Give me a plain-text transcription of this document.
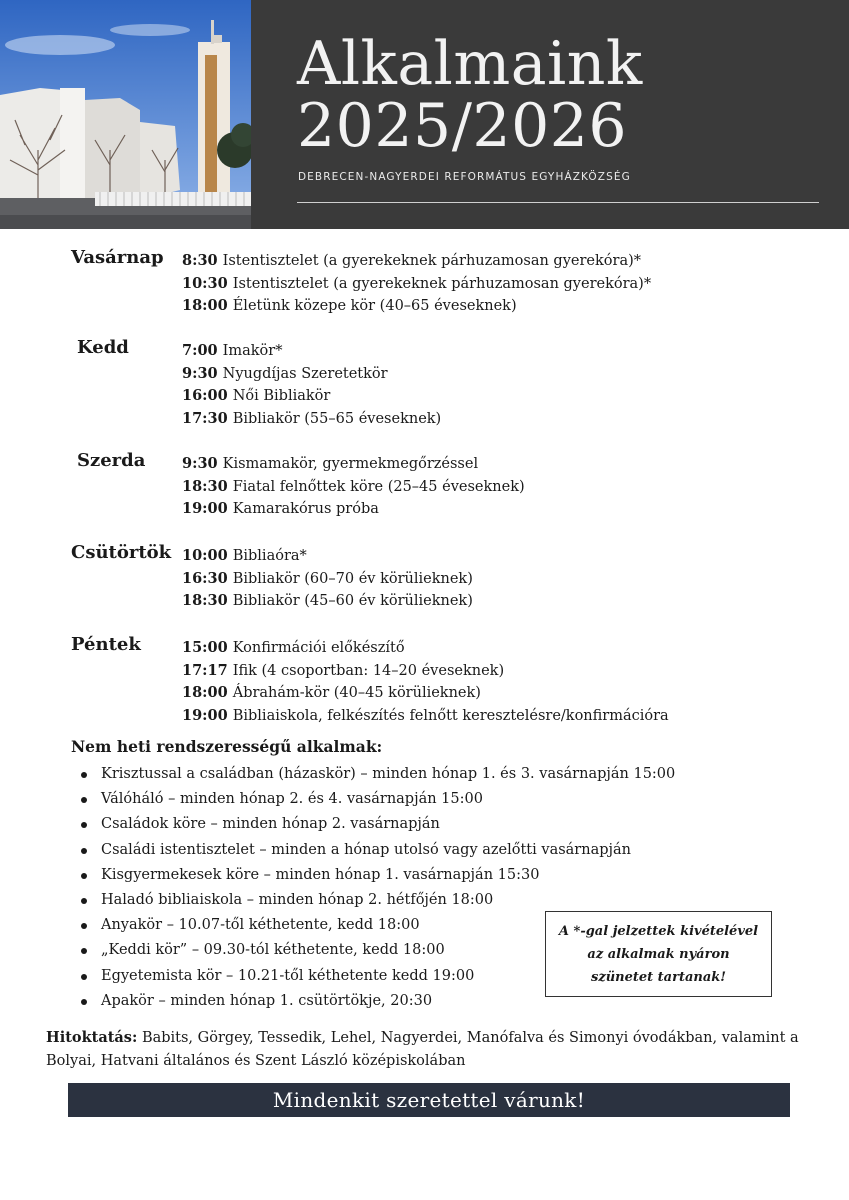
Alkalmaink
2025/2026
DEBRECEN-NAGYERDEI REFORMÁTUS EGYHÁZKÖZSÉG
Vasárnap 8:30 Istentisztelet (a gyerekeknek párhuzamosan gyerekóra)*
10:30 Istentisztelet (a gyerekeknek párhuzamosan gyerekóra)*
18:00 Életünk közepe kör (40–65 éveseknek)
Kedd	7:00 Imakör*
9:30 Nyugdíjas Szeretetkör
16:00 Női Bibliakör
17:30 Bibliakör (55–65 éveseknek)
Szerda	9:30 Kismamakör, gyermekmegőrzéssel
18:30 Fiatal felnőttek köre (25–45 éveseknek)
19:00 Kamarakórus próba
Csütörtök 10:00 Bibliaóra*
16:30 Bibliakör (60–70 év körülieknek)
18:30 Bibliakör (45–60 év körülieknek)
Péntek	15:00 Konfirmációi előkészítő
17:17 Ifik (4 csoportban: 14–20 éveseknek)
18:00 Ábrahám-kör (40–45 körülieknek)
19:00 Bibliaiskola, felkészítés felnőtt keresztelésre/konfirmációra
Nem heti rendszerességű alkalmak:
Krisztussal a családban (házaskör) – minden hónap 1. és 3. vasárnapján 15:00
Válóháló – minden hónap 2. és 4. vasárnapján 15:00
Családok köre – minden hónap 2. vasárnapján
Családi istentisztelet – minden a hónap utolsó vagy azelőtti vasárnapján
Kisgyermekesek köre – minden hónap 1. vasárnapján 15:30
Haladó bibliaiskola – minden hónap 2. hétfőjén 18:00
Anyakör – 10.07-től kéthetente, kedd 18:00
„Keddi kör” – 09.30-tól kéthetente, kedd 18:00
Egyetemista kör – 10.21-től kéthetente kedd 19:00
Apakör – minden hónap 1. csütörtökje, 20:30
A *-gal jelzettek kivételével az alkalmak nyáron szünetet tartanak!
Hitoktatás: Babits, Görgey, Tessedik, Lehel, Nagyerdei, Manófalva és Simonyi óvodákban, valamint a Bolyai, Hatvani általános és Szent László középiskolában
Mindenkit szeretettel várunk!
